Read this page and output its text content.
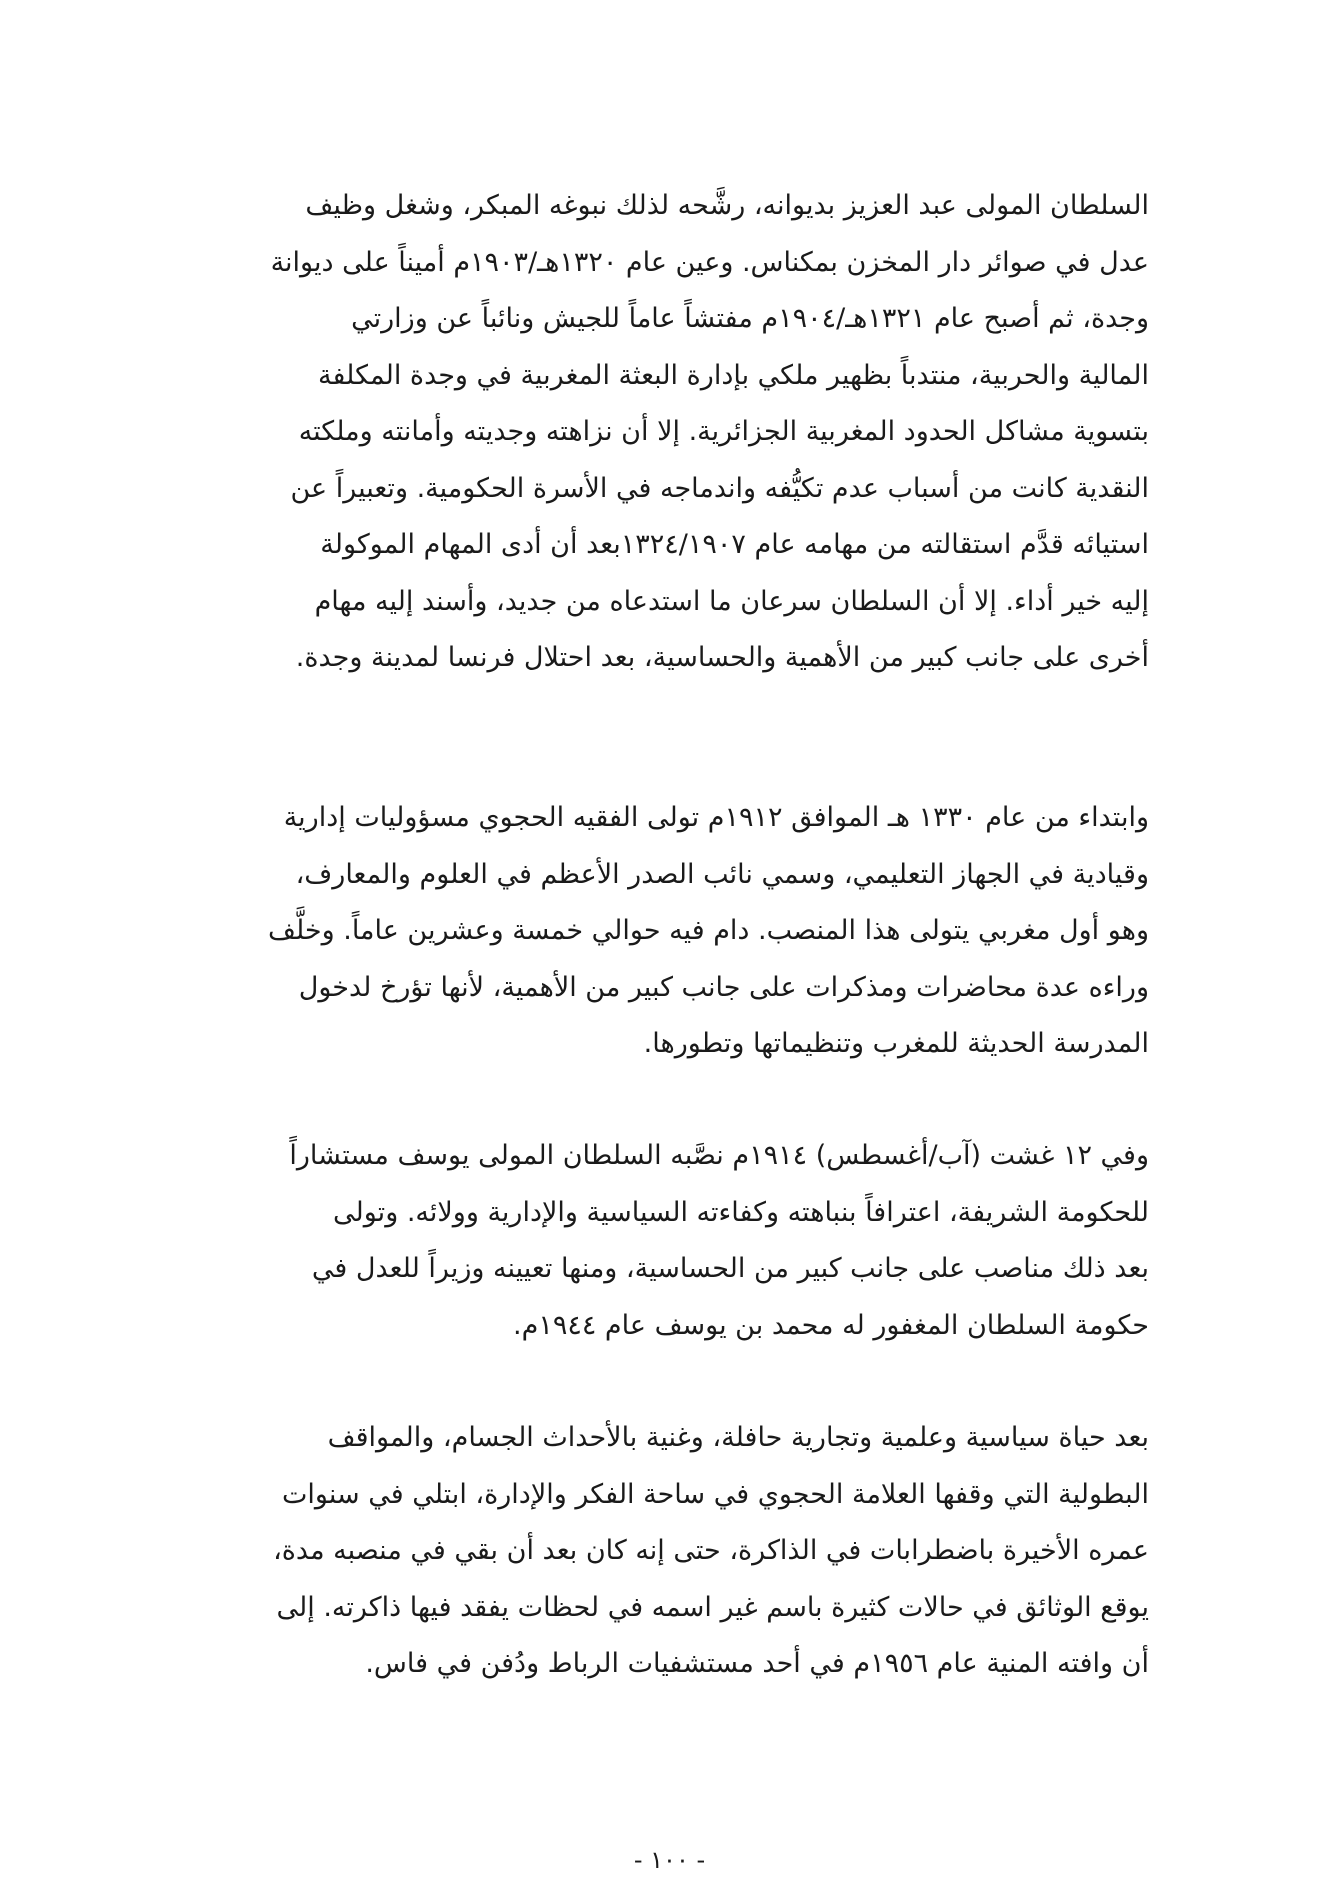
السلطان المولى عبد العزيز بديوانه، رشَّحه لذلك نبوغه المبكر، وشغل وظيف
عدل في صوائر دار المخزن بمكناس. وعين عام ١٣٢٠هـ/١٩٠٣م أميناً على ديوانة
وجدة، ثم أصبح عام ١٣٢١هـ/١٩٠٤م مفتشاً عاماً للجيش ونائباً عن وزارتي
المالية والحربية، منتدباً بظهير ملكي بإدارة البعثة المغربية في وجدة المكلفة
بتسوية مشاكل الحدود المغربية الجزائرية. إلا أن نزاهته وجديته وأمانته وملكته
النقدية كانت من أسباب عدم تكيُّفه واندماجه في الأسرة الحكومية. وتعبيراً عن
استيائه قدَّم استقالته من مهامه عام ١٣٢٤/١٩٠٧بعد أن أدى المهام الموكولة
إليه خير أداء. إلا أن السلطان سرعان ما استدعاه من جديد، وأسند إليه مهام
أخرى على جانب كبير من الأهمية والحساسية، بعد احتلال فرنسا لمدينة وجدة.

وابتداء من عام ١٣٣٠ هـ الموافق ١٩١٢م تولى الفقيه الحجوي مسؤوليات إدارية
وقيادية في الجهاز التعليمي، وسمي نائب الصدر الأعظم في العلوم والمعارف،
وهو أول مغربي يتولى هذا المنصب. دام فيه حوالي خمسة وعشرين عاماً. وخلَّف
وراءه عدة محاضرات ومذكرات على جانب كبير من الأهمية، لأنها تؤرخ لدخول
المدرسة الحديثة للمغرب وتنظيماتها وتطورها.

وفي ١٢ غشت (آب/أغسطس) ١٩١٤م نصَّبه السلطان المولى يوسف مستشاراً
للحكومة الشريفة، اعترافاً بنباهته وكفاءته السياسية والإدارية وولائه. وتولى
بعد ذلك مناصب على جانب كبير من الحساسية، ومنها تعيينه وزيراً للعدل في
حكومة السلطان المغفور له محمد بن يوسف عام ١٩٤٤م.

بعد حياة سياسية وعلمية وتجارية حافلة، وغنية بالأحداث الجسام، والمواقف
البطولية التي وقفها العلامة الحجوي في ساحة الفكر والإدارة، ابتلي في سنوات
عمره الأخيرة باضطرابات في الذاكرة، حتى إنه كان بعد أن بقي في منصبه مدة،
يوقع الوثائق في حالات كثيرة باسم غير اسمه في لحظات يفقد فيها ذاكرته. إلى
أن وافته المنية عام ١٩٥٦م في أحد مستشفيات الرباط ودُفن في فاس.

- ١٠٠ -
